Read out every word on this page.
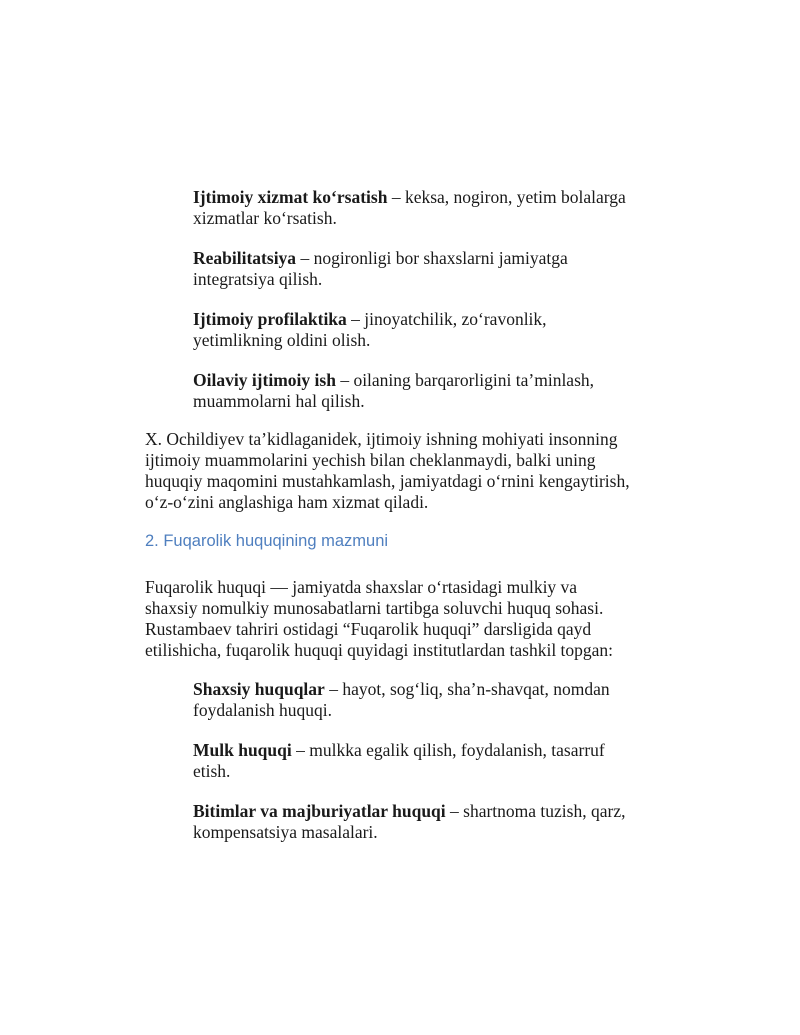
Ijtimoiy xizmat ko‘rsatish – keksa, nogiron, yetim bolalarga
xizmatlar ko‘rsatish.
Reabilitatsiya – nogironligi bor shaxslarni jamiyatga
integratsiya qilish.
Ijtimoiy profilaktika – jinoyatchilik, zo‘ravonlik,
yetimlikning oldini olish.
Oilaviy ijtimoiy ish – oilaning barqarorligini ta’minlash,
muammolarni hal qilish.
X. Ochildiyev ta’kidlaganidek, ijtimoiy ishning mohiyati insonning
ijtimoiy muammolarini yechish bilan cheklanmaydi, balki uning
huquqiy maqomini mustahkamlash, jamiyatdagi o‘rnini kengaytirish,
o‘z-o‘zini anglashiga ham xizmat qiladi.
2. Fuqarolik huquqining mazmuni
Fuqarolik huquqi — jamiyatda shaxslar o‘rtasidagi mulkiy va
shaxsiy nomulkiy munosabatlarni tartibga soluvchi huquq sohasi.
Rustambaev tahriri ostidagi “Fuqarolik huquqi” darsligida qayd
etilishicha, fuqarolik huquqi quyidagi institutlardan tashkil topgan:
Shaxsiy huquqlar – hayot, sog‘liq, sha’n-shavqat, nomdan
foydalanish huquqi.
Mulk huquqi – mulkka egalik qilish, foydalanish, tasarruf
etish.
Bitimlar va majburiyatlar huquqi – shartnoma tuzish, qarz,
kompensatsiya masalalari.
